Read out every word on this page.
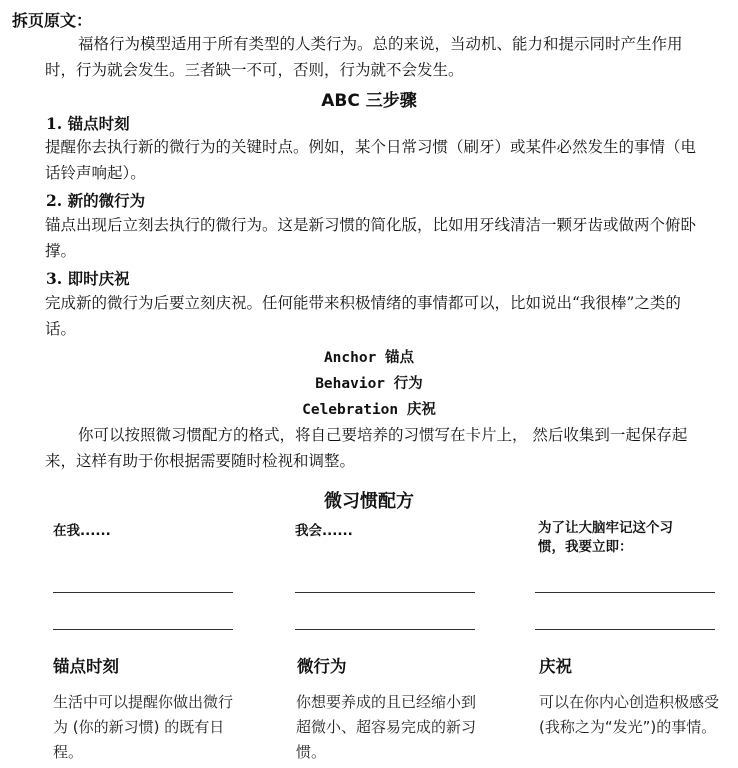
拆页原文：
福格行为模型适用于所有类型的人类行为。总的来说，当动机、能力和提示同时产生作用时，行为就会发生。三者缺一不可，否则，行为就不会发生。
ABC 三步骤
1. 锚点时刻
提醒你去执行新的微行为的关键时点。例如，某个日常习惯（刷牙）或某件必然发生的事情（电话铃声响起）。
2. 新的微行为
锚点出现后立刻去执行的微行为。这是新习惯的简化版，比如用牙线清洁一颗牙齿或做两个俯卧撑。
3. 即时庆祝
完成新的微行为后要立刻庆祝。任何能带来积极情绪的事情都可以，比如说出“我很棒”之类的话。
Anchor 锚点
Behavior 行为
Celebration 庆祝
你可以按照微习惯配方的格式，将自己要培养的习惯写在卡片上， 然后收集到一起保存起来，这样有助于你根据需要随时检视和调整。
微习惯配方
在我......
锚点时刻
生活中可以提醒你做出微行为 (你的新习惯) 的既有日程。
我会......
微行为
你想要养成的且已经缩小到超微小、超容易完成的新习惯。
为了让大脑牢记这个习惯，我要立即：
庆祝
可以在你内心创造积极感受(我称之为“发光”)的事情。
